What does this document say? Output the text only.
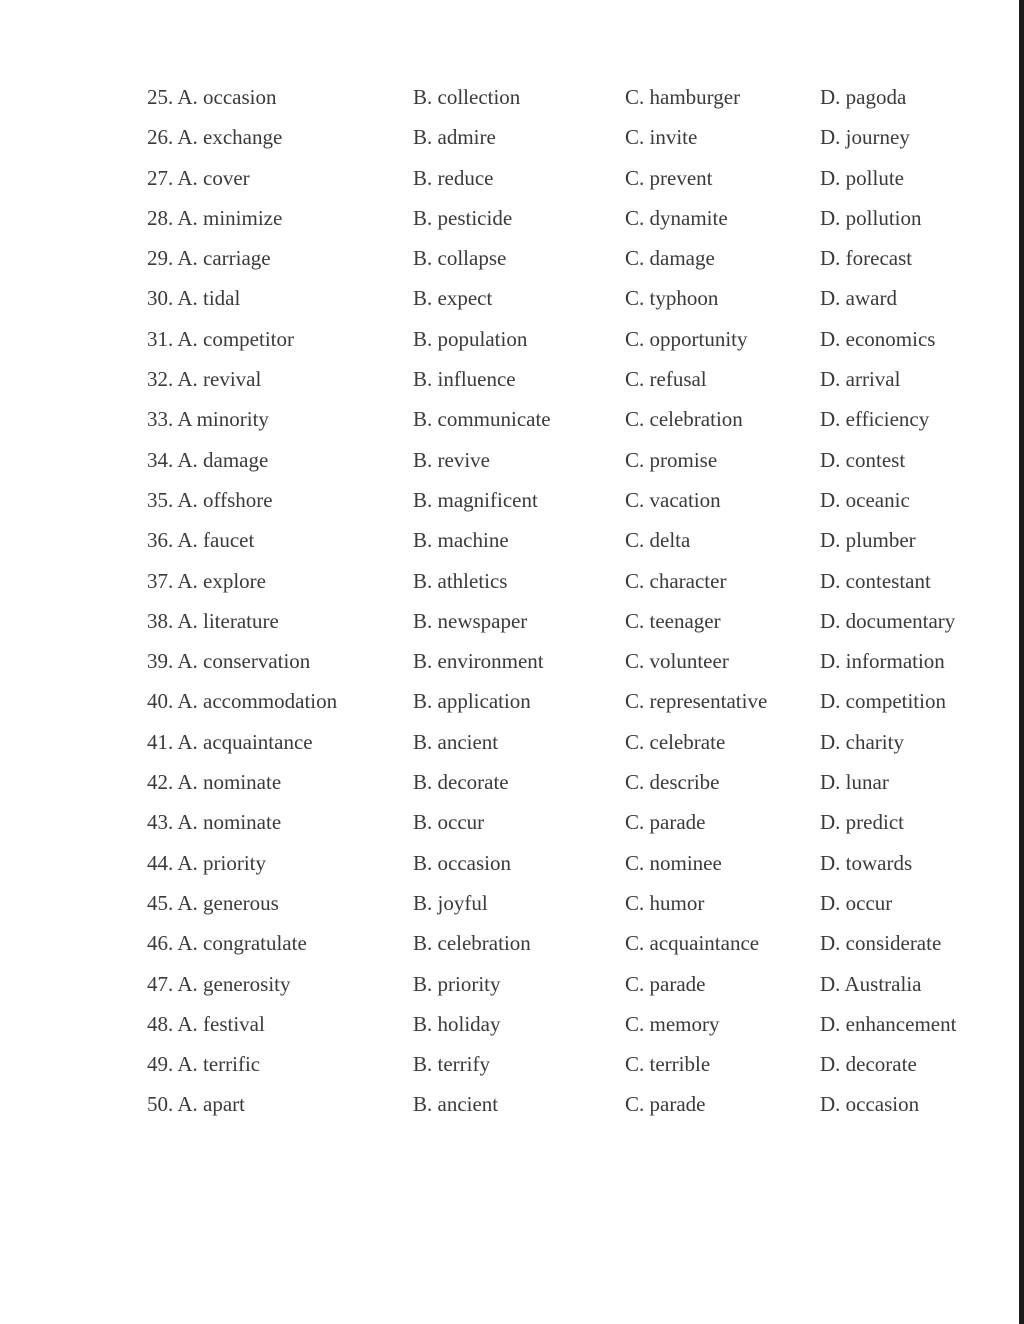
25. A. occasion	B. collection	C. hamburger	D. pagoda
26. A. exchange	B. admire	C. invite	D. journey
27. A. cover	B. reduce	C. prevent	D. pollute
28. A. minimize	B. pesticide	C. dynamite	D. pollution
29. A. carriage	B. collapse	C. damage	D. forecast
30. A. tidal	B. expect	C. typhoon	D. award
31. A. competitor	B. population	C. opportunity	D. economics
32. A. revival	B. influence	C. refusal	D. arrival
33. A minority	B. communicate	C. celebration	D. efficiency
34. A. damage	B. revive	C. promise	D. contest
35. A. offshore	B. magnificent	C. vacation	D. oceanic
36. A. faucet	B. machine	C. delta	D. plumber
37. A. explore	B. athletics	C. character	D. contestant
38. A. literature	B. newspaper	C. teenager	D. documentary
39. A. conservation	B. environment	C. volunteer	D. information
40. A. accommodation	B. application	C. representative	D. competition
41. A. acquaintance	B. ancient	C. celebrate	D. charity
42. A. nominate	B. decorate	C. describe	D. lunar
43. A. nominate	B. occur	C. parade	D. predict
44. A. priority	B. occasion	C. nominee	D. towards
45. A. generous	B. joyful	C. humor	D. occur
46. A. congratulate	B. celebration	C. acquaintance	D. considerate
47. A. generosity	B. priority	C. parade	D. Australia
48. A. festival	B. holiday	C. memory	D. enhancement
49. A. terrific	B. terrify	C. terrible	D. decorate
50. A. apart	B. ancient	C. parade	D. occasion
